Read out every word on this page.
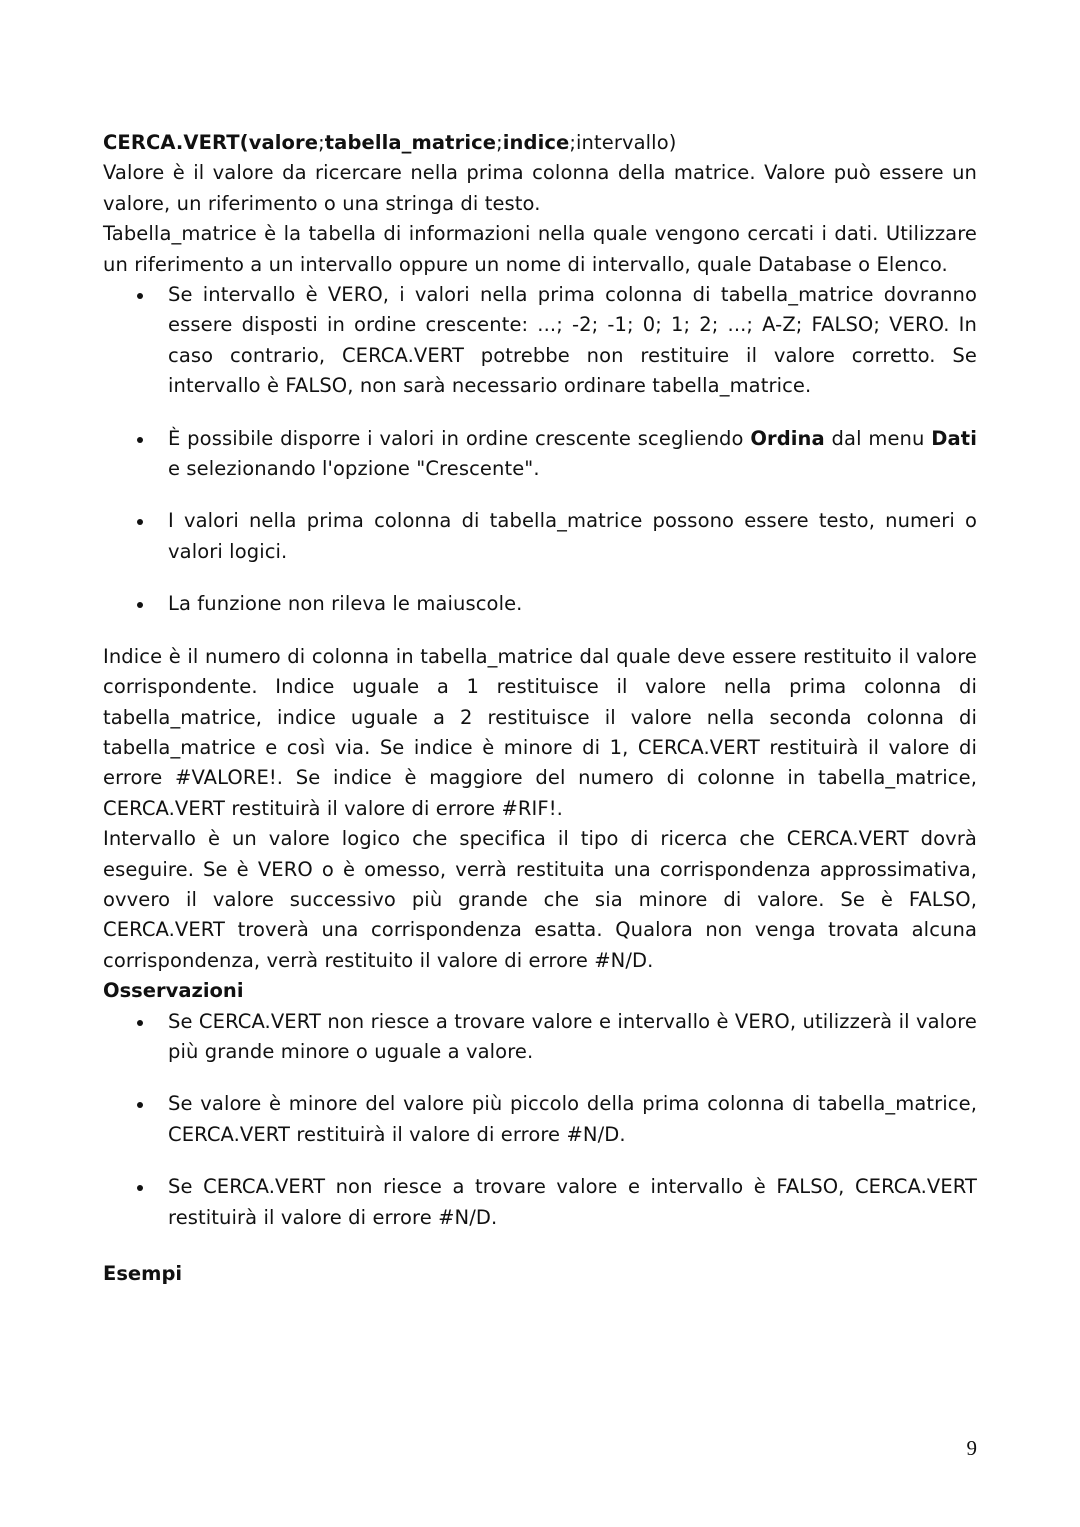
CERCA.VERT(valore;tabella_matrice;indice;intervallo)

Valore è il valore da ricercare nella prima colonna della matrice. Valore può essere un valore, un riferimento o una stringa di testo.

Tabella_matrice è la tabella di informazioni nella quale vengono cercati i dati. Utilizzare un riferimento a un intervallo oppure un nome di intervallo, quale Database o Elenco.

Se intervallo è VERO, i valori nella prima colonna di tabella_matrice dovranno essere disposti in ordine crescente: ...; -2; -1; 0; 1; 2; ...; A-Z; FALSO; VERO. In caso contrario, CERCA.VERT potrebbe non restituire il valore corretto. Se intervallo è FALSO, non sarà necessario ordinare tabella_matrice.
È possibile disporre i valori in ordine crescente scegliendo Ordina dal menu Dati e selezionando l'opzione "Crescente".
I valori nella prima colonna di tabella_matrice possono essere testo, numeri o valori logici.
La funzione non rileva le maiuscole.

Indice è il numero di colonna in tabella_matrice dal quale deve essere restituito il valore corrispondente. Indice uguale a 1 restituisce il valore nella prima colonna di tabella_matrice, indice uguale a 2 restituisce il valore nella seconda colonna di tabella_matrice e così via. Se indice è minore di 1, CERCA.VERT restituirà il valore di errore #VALORE!. Se indice è maggiore del numero di colonne in tabella_matrice, CERCA.VERT restituirà il valore di errore #RIF!.

Intervallo è un valore logico che specifica il tipo di ricerca che CERCA.VERT dovrà eseguire. Se è VERO o è omesso, verrà restituita una corrispondenza approssimativa, ovvero il valore successivo più grande che sia minore di valore. Se è FALSO, CERCA.VERT troverà una corrispondenza esatta. Qualora non venga trovata alcuna corrispondenza, verrà restituito il valore di errore #N/D.

Osservazioni

Se CERCA.VERT non riesce a trovare valore e intervallo è VERO, utilizzerà il valore più grande minore o uguale a valore.
Se valore è minore del valore più piccolo della prima colonna di tabella_matrice, CERCA.VERT restituirà il valore di errore #N/D.
Se CERCA.VERT non riesce a trovare valore e intervallo è FALSO, CERCA.VERT restituirà il valore di errore #N/D.

Esempi

9
